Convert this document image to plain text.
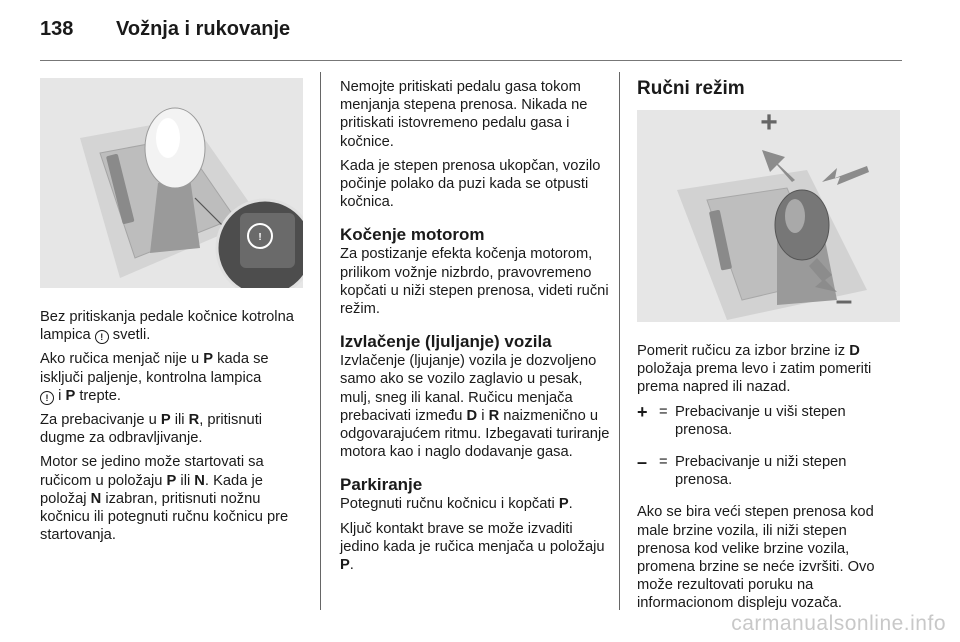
138	Vožnja i rukovanje
!

Bez pritiskanja pedale kočnice kotrolna lampica ! svetli.

Ako ručica menjač nije u P kada se isključi paljenje, kontrolna lampica
! i P trepte.

Za prebacivanje u P ili R, pritisnuti dugme za odbravljivanje.

Motor se jedino može startovati sa ručicom u položaju P ili N. Kada je položaj N izabran, pritisnuti nožnu kočnicu ili potegnuti ručnu kočnicu pre startovanja.

Nemojte pritiskati pedalu gasa tokom menjanja stepena prenosa. Nikada ne pritiskati istovremeno pedalu gasa i kočnice.

Kada je stepen prenosa ukopčan, vozilo počinje polako da puzi kada se otpusti kočnica.

Kočenje motorom

Za postizanje efekta kočenja motorom, prilikom vožnje nizbrdo, pravovremeno kopčati u niži stepen prenosa, videti ručni režim.

Izvlačenje (ljuljanje) vozila

Izvlačenje (ljujanje) vozila je dozvoljeno samo ako se vozilo zaglavio u pesak, mulj, sneg ili kanal. Ručicu menjača prebacivati između D i R naizmenično u odgovarajućem ritmu. Izbegavati turiranje motora kao i naglo dodavanje gasa.

Parkiranje

Potegnuti ručnu kočnicu i kopčati P.

Ključ kontakt brave se može izvaditi jedino kada je ručica menjača u položaju P.

Ručni režim
+
–

Pomerit ručicu za izbor brzine iz D položaja prema levo i zatim pomeriti prema napred ili nazad.

+ = Prebacivanje u viši stepen prenosa.
– = Prebacivanje u niži stepen prenosa.

Ako se bira veći stepen prenosa kod male brzine vozila, ili niži stepen prenosa kod velike brzine vozila, promena brzine se neće izvršiti. Ovo može rezultovati poruku na informacionom displeju vozača.

carmanualsonline.info
